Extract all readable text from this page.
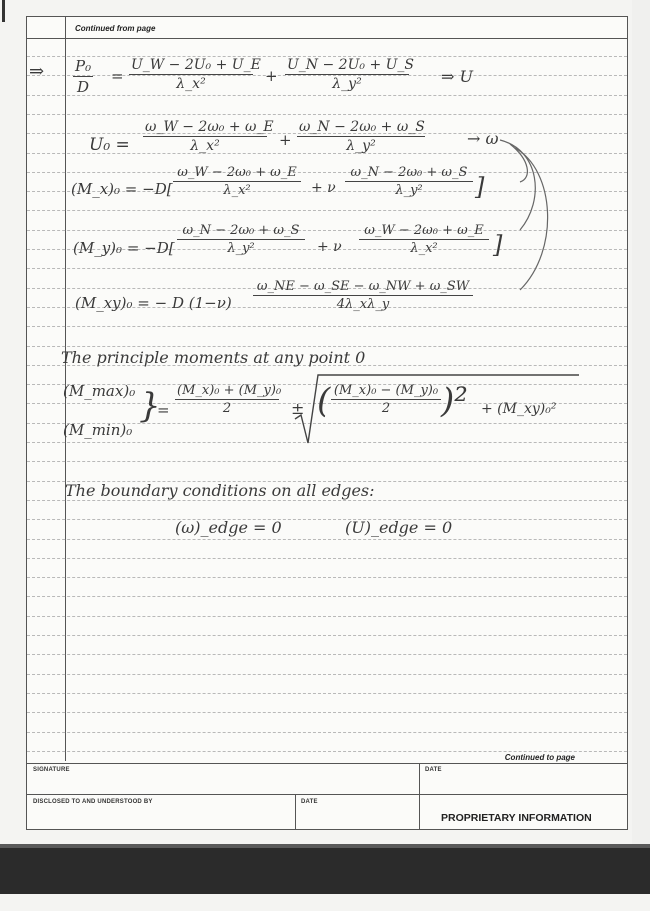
Continued from page
⇒ P₀
D
=
U_W − 2U₀ + U_E
λ_x²	+
U_N − 2U₀ + U_S
λ_y²	⇒ U
U₀ =
ω_W − 2ω₀ + ω_E
λ_x²	+
ω_N − 2ω₀ + ω_S
λ_y²	→ ω
(M_x)₀ = −D[
ω_W − 2ω₀ + ω_E
λ_x²	+ ν
ω_N − 2ω₀ + ω_S
λ_y²	]
(M_y)₀ = −D[
ω_N − 2ω₀ + ω_S
λ_y²	+ ν
ω_W − 2ω₀ + ω_E
λ_x²	]
(M_xy)₀ = − D (1−ν)
ω_NE − ω_SE − ω_NW + ω_SW
4λ_xλ_y
The principle moments at any point 0
(M_max)₀
(M_min)₀
}
=
(M_x)₀ + (M_y)₀
2	± ( (M_x)₀ − (M_y)₀
2	)² + (M_xy)₀²
The boundary conditions on all edges:
(ω)_edge = 0	(U)_edge = 0
Continued to page
SIGNATURE	DATE
DISCLOSED TO AND UNDERSTOOD BY	DATE
PROPRIETARY INFORMATION
